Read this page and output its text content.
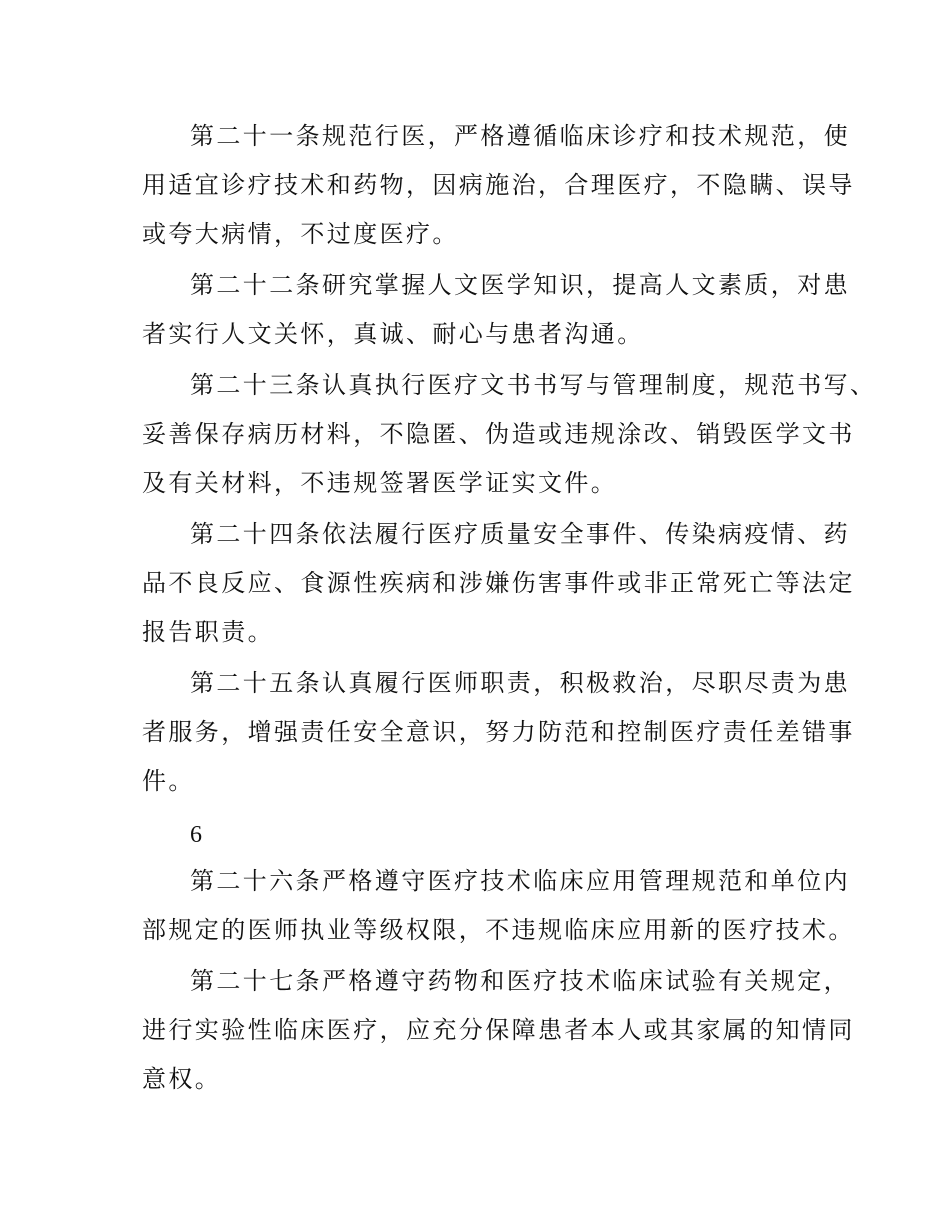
第二十一条规范行医，严格遵循临床诊疗和技术规范，使
用适宜诊疗技术和药物，因病施治，合理医疗，不隐瞒、误导
或夸大病情，不过度医疗。
第二十二条研究掌握人文医学知识，提高人文素质，对患
者实行人文关怀，真诚、耐心与患者沟通。
第二十三条认真执行医疗文书书写与管理制度，规范书写、
妥善保存病历材料，不隐匿、伪造或违规涂改、销毁医学文书
及有关材料，不违规签署医学证实文件。
第二十四条依法履行医疗质量安全事件、传染病疫情、药
品不良反应、食源性疾病和涉嫌伤害事件或非正常死亡等法定
报告职责。
第二十五条认真履行医师职责，积极救治，尽职尽责为患
者服务，增强责任安全意识，努力防范和控制医疗责任差错事
件。
6
第二十六条严格遵守医疗技术临床应用管理规范和单位内
部规定的医师执业等级权限，不违规临床应用新的医疗技术。
第二十七条严格遵守药物和医疗技术临床试验有关规定，
进行实验性临床医疗，应充分保障患者本人或其家属的知情同
意权。
